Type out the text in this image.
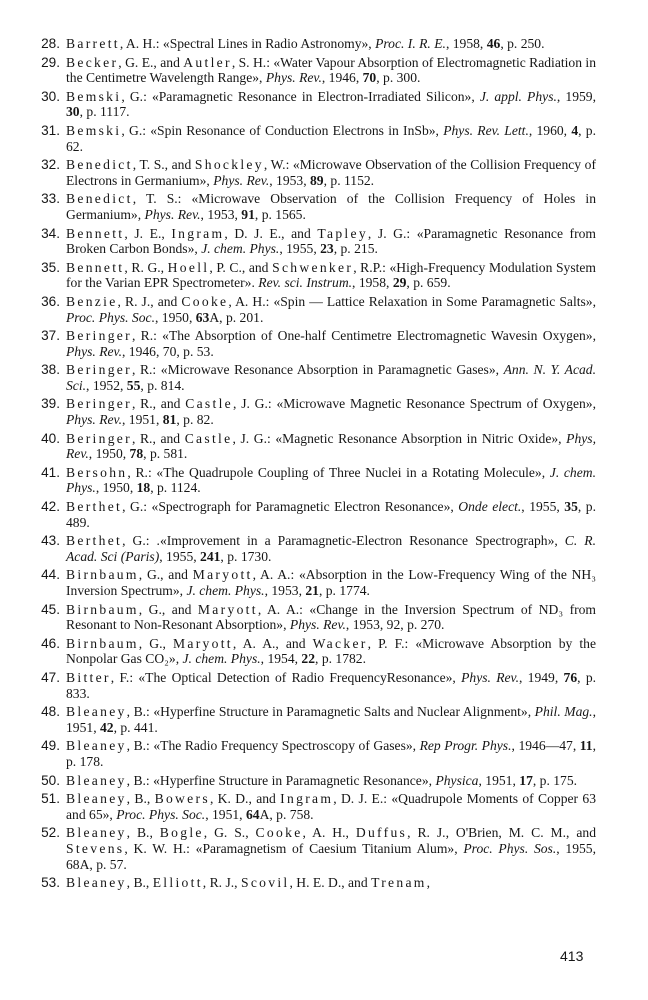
28. Barrett, A. H.: «Spectral Lines in Radio Astronomy», Proc. I. R. E., 1958, 46, p. 250.
29. Becker, G. E., and Autler, S. H.: «Water Vapour Absorption of Electromagnetic Radiation in the Centimetre Wavelength Range», Phys. Rev., 1946, 70, p. 300.
30. Bemski, G.: «Paramagnetic Resonance in Electron-Irradiated Silicon», J. appl. Phys., 1959, 30, p. 1117.
31. Bemski, G.: «Spin Resonance of Conduction Electrons in InSb», Phys. Rev. Lett., 1960, 4, p. 62.
32. Benedict, T. S., and Shockley, W.: «Microwave Observation of the Collision Frequency of Electrons in Germanium», Phys. Rev., 1953, 89, p. 1152.
33. Benedict, T. S.: «Microwave Observation of the Collision Frequency of Holes in Germanium», Phys. Rev., 1953, 91, p. 1565.
34. Bennett, J. E., Ingram, D. J. E., and Tapley, J. G.: «Paramagnetic Resonance from Broken Carbon Bonds», J. chem. Phys., 1955, 23, p. 215.
35. Bennett, R. G., Hoell, P. C., and Schwenker, R.P.: «High-Frequency Modulation System for the Varian EPR Spectrometer». Rev. sci. Instrum., 1958, 29, p. 659.
36. Benzie, R. J., and Cooke, A. H.: «Spin — Lattice Relaxation in Some Paramagnetic Salts», Proc. Phys. Soc., 1950, 63A, p. 201.
37. Beringer, R.: «The Absorption of One-half Centimetre Electromagnetic Wavesin Oxygen», Phys. Rev., 1946, 70, p. 53.
38. Beringer, R.: «Microwave Resonance Absorption in Paramagnetic Gases», Ann. N. Y. Acad. Sci., 1952, 55, p. 814.
39. Beringer, R., and Castle, J. G.: «Microwave Magnetic Resonance Spectrum of Oxygen», Phys. Rev., 1951, 81, p. 82.
40. Beringer, R., and Castle, J. G.: «Magnetic Resonance Absorption in Nitric Oxide», Phys, Rev., 1950, 78, p. 581.
41. Bersohn, R.: «The Quadrupole Coupling of Three Nuclei in a Rotating Molecule», J. chem. Phys., 1950, 18, p. 1124.
42. Berthet, G.: «Spectrograph for Paramagnetic Electron Resonance», Onde elect., 1955, 35, p. 489.
43. Berthet, G.: .«Improvement in a Paramagnetic-Electron Resonance Spectrograph», C. R. Acad. Sci (Paris), 1955, 241, p. 1730.
44. Birnbaum, G., and Maryott, A. A.: «Absorption in the Low-Frequency Wing of the NH₃ Inversion Spectrum», J. chem. Phys., 1953, 21, p. 1774.
45. Birnbaum, G., and Maryott, A. A.: «Change in the Inversion Spectrum of ND₃ from Resonant to Non-Resonant Absorption», Phys. Rev., 1953, 92, p. 270.
46. Birnbaum, G., Maryott, A. A., and Wacker, P. F.: «Microwave Absorption by the Nonpolar Gas CO₂», J. chem. Phys., 1954, 22, p. 1782.
47. Bitter, F.: «The Optical Detection of Radio FrequencyResonance», Phys. Rev., 1949, 76, p. 833.
48. Bleaney, B.: «Hyperfine Structure in Paramagnetic Salts and Nuclear Alignment», Phil. Mag., 1951, 42, p. 441.
49. Bleaney, B.: «The Radio Frequency Spectroscopy of Gases», Rep Progr. Phys., 1946—47, 11, p. 178.
50. Bleaney, B.: «Hyperfine Structure in Paramagnetic Resonance», Physica, 1951, 17, p. 175.
51. Bleaney, B., Bowers, K. D., and Ingram, D. J. E.: «Quadrupole Moments of Copper 63 and 65», Proc. Phys. Soc., 1951, 64A, p. 758.
52. Bleaney, B., Bogle, G. S., Cooke, A. H., Duffus, R. J., O'Brien, M. C. M., and Stevens, K. W. H.: «Paramagnetism of Caesium Titanium Alum», Proc. Phys. Sos., 1955, 68A, p. 57.
53. Bleaney, B., Elliott, R. J., Scovil, H. E. D., and Trenam,
413
